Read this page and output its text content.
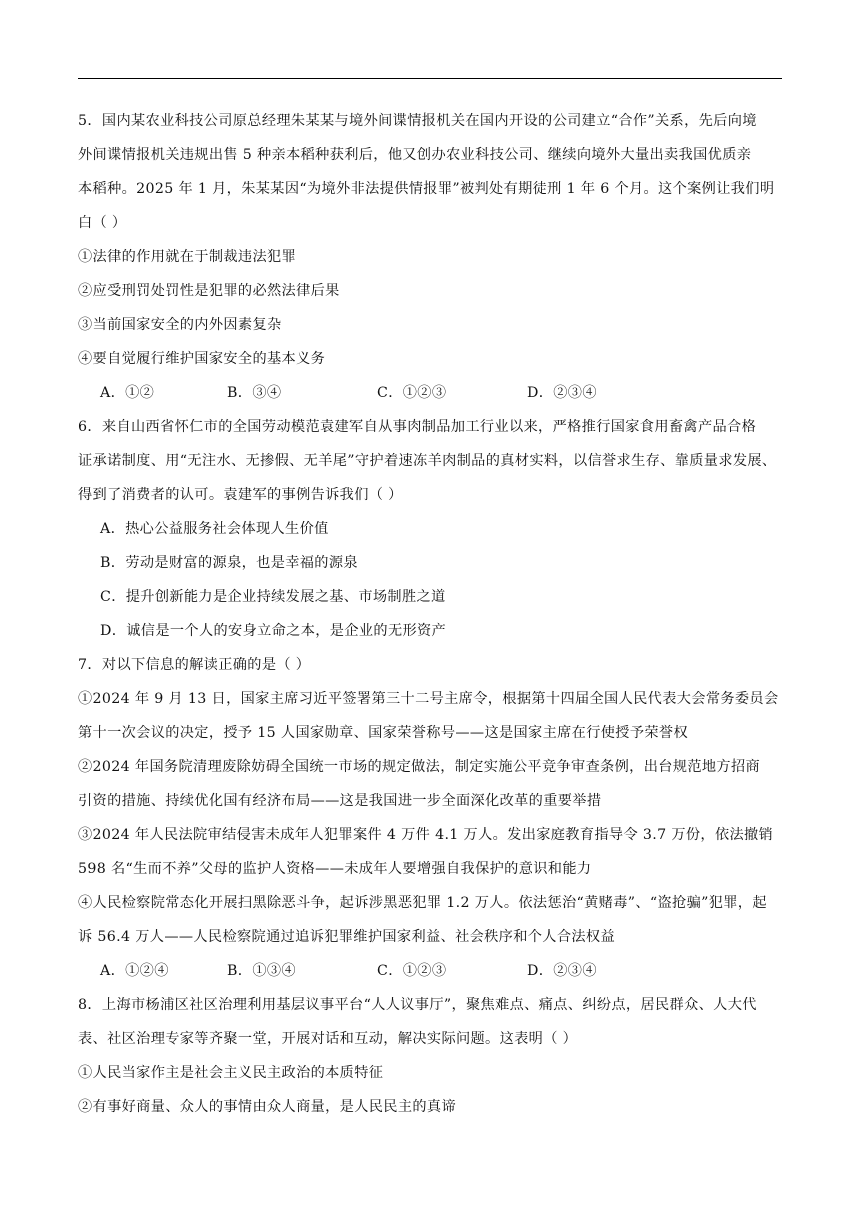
5．国内某农业科技公司原总经理朱某某与境外间谍情报机关在国内开设的公司建立“合作”关系，先后向境
外间谍情报机关违规出售 5 种亲本稻种获利后，他又创办农业科技公司、继续向境外大量出卖我国优质亲
本稻种。2025 年 1 月，朱某某因“为境外非法提供情报罪”被判处有期徒刑 1 年 6 个月。这个案例让我们明
白（ ）
①法律的作用就在于制裁违法犯罪
②应受刑罚处罚性是犯罪的必然法律后果
③当前国家安全的内外因素复杂
④要自觉履行维护国家安全的基本义务
A．①②	B．③④	C．①②③	D．②③④
6．来自山西省怀仁市的全国劳动模范袁建军自从事肉制品加工行业以来，严格推行国家食用畜禽产品合格
证承诺制度、用“无注水、无掺假、无羊尾”守护着速冻羊肉制品的真材实料，以信誉求生存、靠质量求发展、
得到了消费者的认可。袁建军的事例告诉我们（ ）
A．热心公益服务社会体现人生价值
B．劳动是财富的源泉，也是幸福的源泉
C．提升创新能力是企业持续发展之基、市场制胜之道
D．诚信是一个人的安身立命之本，是企业的无形资产
7．对以下信息的解读正确的是（ ）
①2024 年 9 月 13 日，国家主席习近平签署第三十二号主席令，根据第十四届全国人民代表大会常务委员会
第十一次会议的决定，授予 15 人国家勋章、国家荣誉称号——这是国家主席在行使授予荣誉权
②2024 年国务院清理废除妨碍全国统一市场的规定做法，制定实施公平竞争审查条例，出台规范地方招商
引资的措施、持续优化国有经济布局——这是我国进一步全面深化改革的重要举措
③2024 年人民法院审结侵害未成年人犯罪案件 4 万件 4.1 万人。发出家庭教育指导令 3.7 万份，依法撤销
598 名“生而不养”父母的监护人资格——未成年人要增强自我保护的意识和能力
④人民检察院常态化开展扫黑除恶斗争，起诉涉黑恶犯罪 1.2 万人。依法惩治“黄赌毒”、“盗抢骗”犯罪，起
诉 56.4 万人——人民检察院通过追诉犯罪维护国家利益、社会秩序和个人合法权益
A．①②④	B．①③④	C．①②③	D．②③④
8．上海市杨浦区社区治理利用基层议事平台“人人议事厅”，聚焦难点、痛点、纠纷点，居民群众、人大代
表、社区治理专家等齐聚一堂，开展对话和互动，解决实际问题。这表明（ ）
①人民当家作主是社会主义民主政治的本质特征
②有事好商量、众人的事情由众人商量，是人民民主的真谛
